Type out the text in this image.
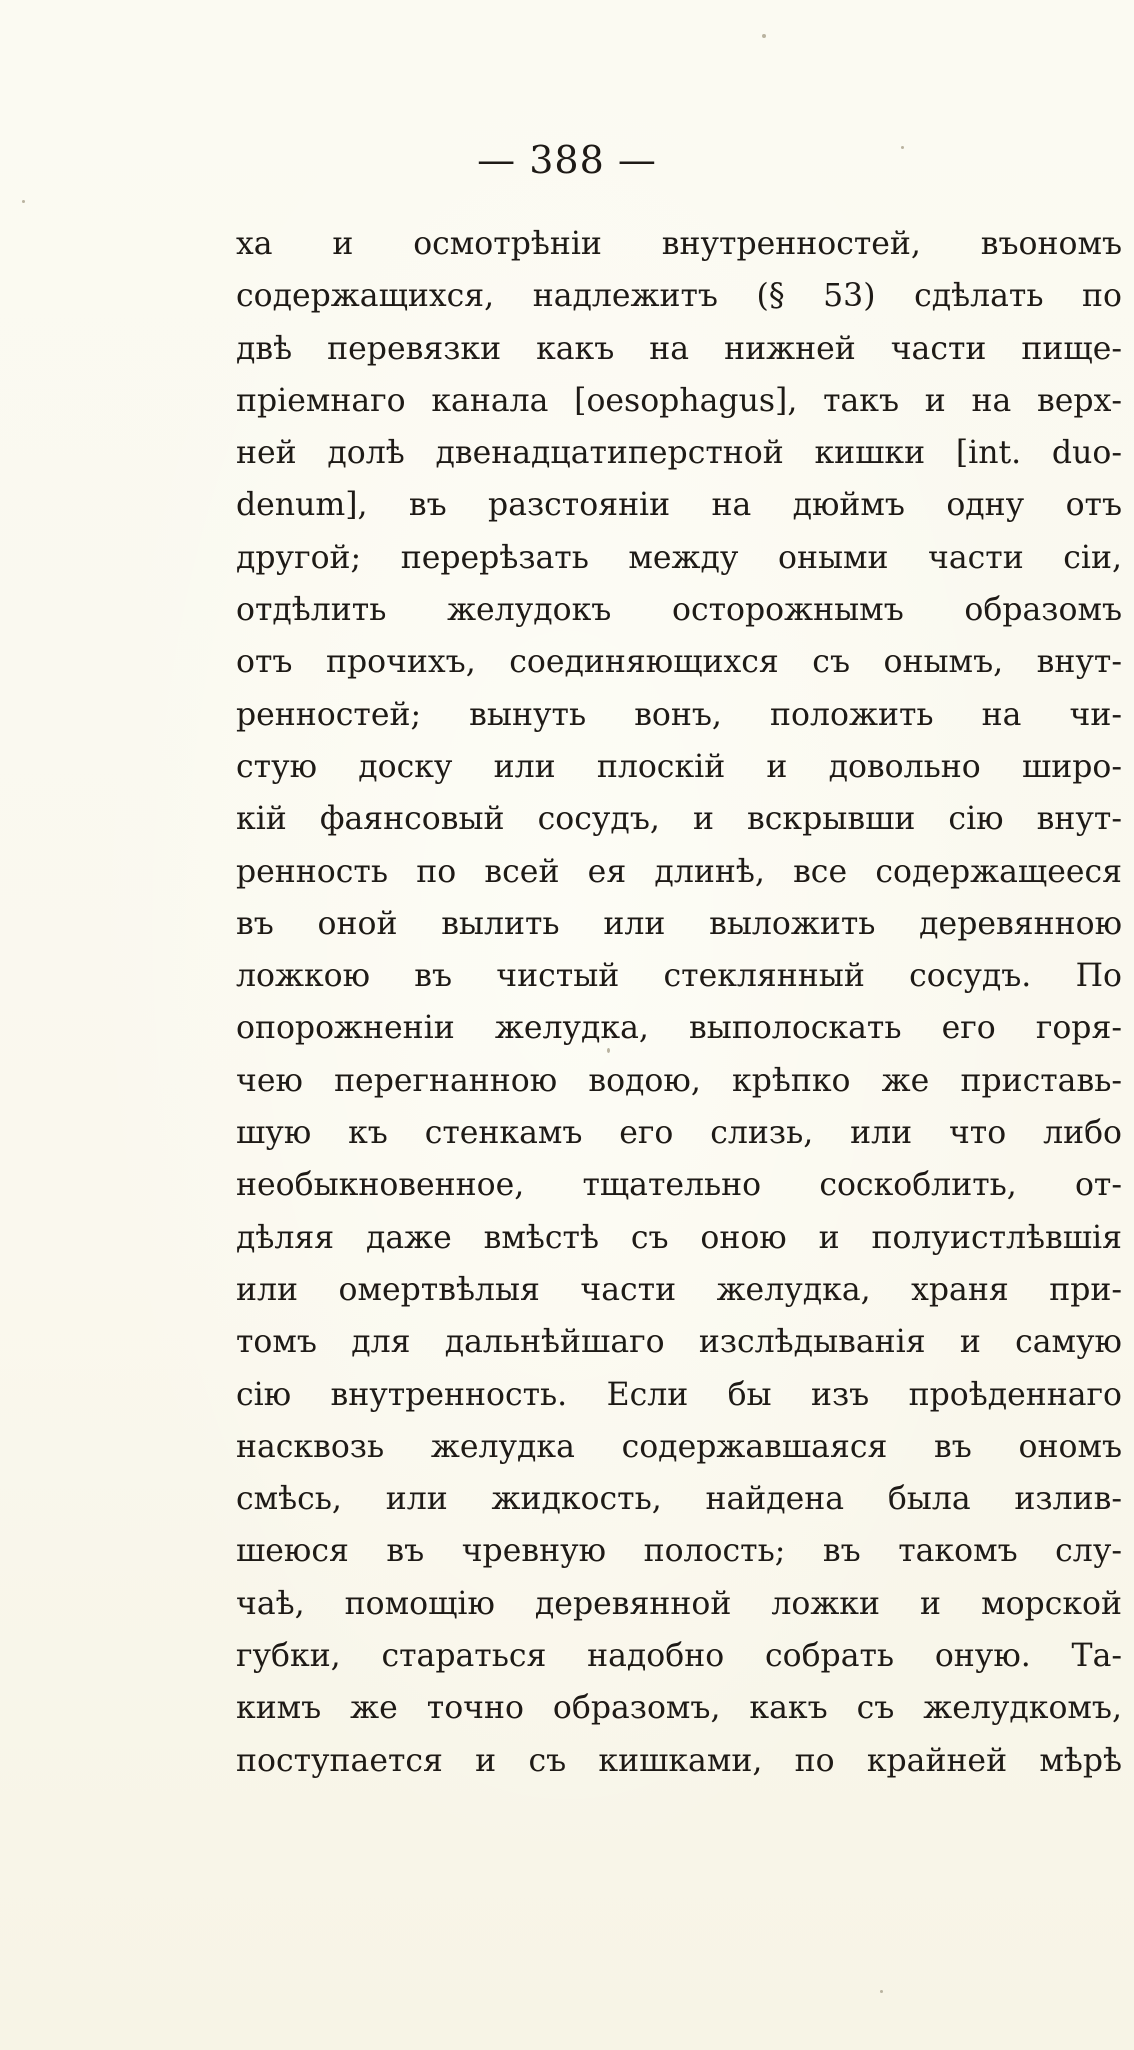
— 388 —
ха и осмотрѣніи внутренностей, въономъ
содержащихся, надлежитъ (§ 53) сдѣлать по
двѣ перевязки какъ на нижней части пище-
пріемнаго канала [oesophagus], такъ и на верх-
ней долѣ двенадцатиперстной кишки [int. duo-
denum], въ разстояніи на дюймъ одну отъ
другой; перерѣзать между оными части сіи,
отдѣлить желудокъ осторожнымъ образомъ
отъ прочихъ, соединяющихся съ онымъ, внут-
ренностей; вынуть вонъ, положить на чи-
стую доску или плоскій и довольно широ-
кій фаянсовый сосудъ, и вскрывши сію внут-
ренность по всей ея длинѣ, все содержащееся
въ оной вылить или выложить деревянною
ложкою въ чистый стеклянный сосудъ. По
опорожненіи желудка, выполоскать его горя-
чею перегнанною водою, крѣпко же приставь-
шую къ стенкамъ его слизь, или что либо
необыкновенное, тщательно соскоблить, от-
дѣляя даже вмѣстѣ съ оною и полуистлѣвшія
или омертвѣлыя части желудка, храня при-
томъ для дальнѣйшаго изслѣдыванія и самую
сію внутренность. Если бы изъ проѣденнаго
насквозь желудка содержавшаяся въ ономъ
смѣсь, или жидкость, найдена была излив-
шеюся въ чревную полость; въ такомъ слу-
чаѣ, помощію деревянной ложки и морской
губки, стараться надобно собрать оную. Та-
кимъ же точно образомъ, какъ съ желудкомъ,
поступается и съ кишками, по крайней мѣрѣ
